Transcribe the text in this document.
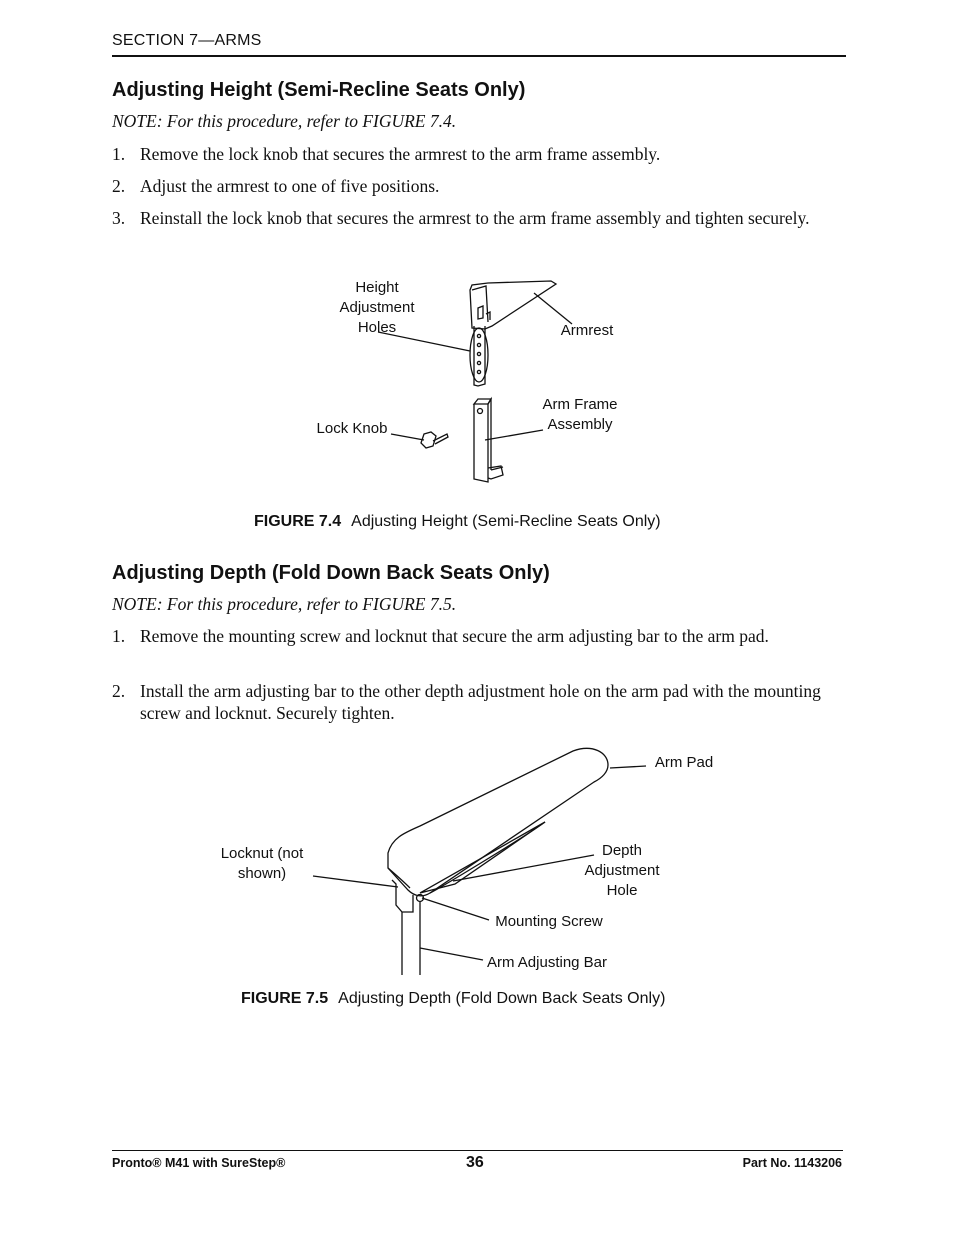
SECTION 7—ARMS
Adjusting Height (Semi-Recline Seats Only)
NOTE: For this procedure, refer to FIGURE 7.4.
1. Remove the lock knob that secures the armrest to the arm frame assembly.
2. Adjust the armrest to one of five positions.
3. Reinstall the lock knob that secures the armrest to the arm frame assembly and tighten securely.
Height Adjustment Holes	Armrest
Arm Frame Assembly
Lock Knob
FIGURE 7.4 Adjusting Height (Semi-Recline Seats Only)
Adjusting Depth (Fold Down Back Seats Only)
NOTE: For this procedure, refer to FIGURE 7.5.
1. Remove the mounting screw and locknut that secure the arm adjusting bar to the arm pad.
2. Install the arm adjusting bar to the other depth adjustment hole on the arm pad with the mounting screw and locknut. Securely tighten.
Arm Pad
Locknut (not shown)
Depth Adjustment Hole
Mounting Screw
Arm Adjusting Bar
FIGURE 7.5 Adjusting Depth (Fold Down Back Seats Only)
Pronto® M41 with SureStep®	36	Part No. 1143206
